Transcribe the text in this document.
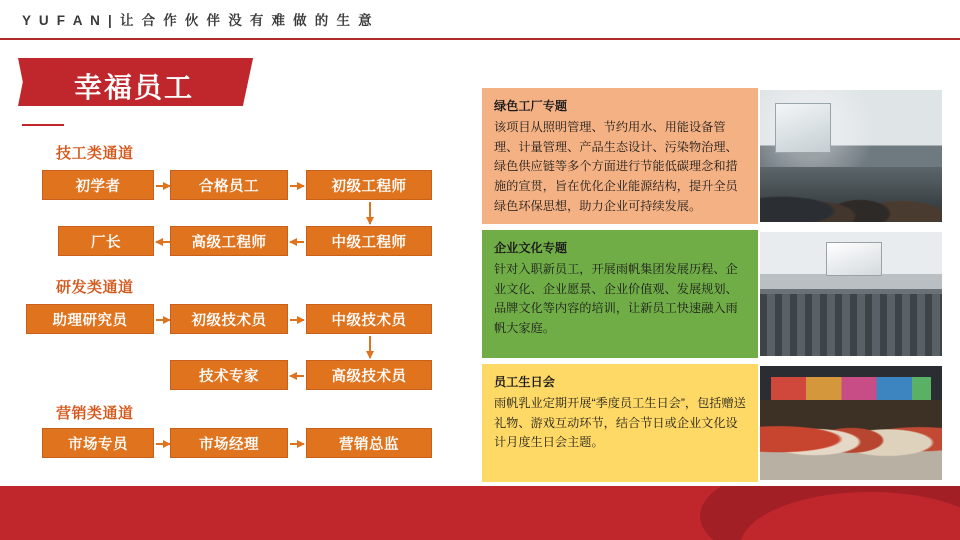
Y U F A N | 让 合 作 伙 伴 没 有 难 做 的 生 意
幸福员工
技工类通道
初学者	合格员工	初级工程师
厂长	高级工程师	中级工程师
研发类通道
助理研究员	初级技术员	中级技术员
技术专家	高级技术员
营销类通道
市场专员	市场经理	营销总监
绿色工厂专题
该项目从照明管理、节约用水、用能设备管理、计量管理、产品生态设计、污染物治理、绿色供应链等多个方面进行节能低碳理念和措施的宣贯，旨在优化企业能源结构，提升全员绿色环保思想，助力企业可持续发展。
企业文化专题
针对入职新员工，开展雨帆集团发展历程、企业文化、企业愿景、企业价值观、发展规划、品牌文化等内容的培训，让新员工快速融入雨帆大家庭。
员工生日会
雨帆乳业定期开展“季度员工生日会”，包括赠送礼物、游戏互动环节，结合节日或企业文化设计月度生日会主题。
